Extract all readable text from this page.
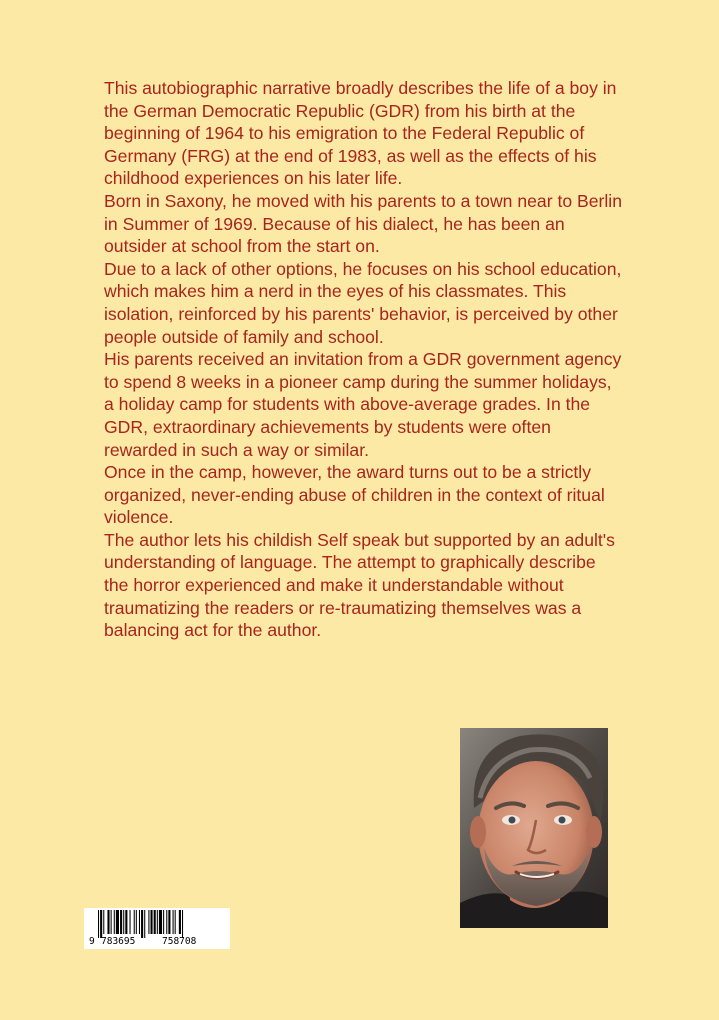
This autobiographic narrative broadly describes the life of a boy in the German Democratic Republic (GDR) from his birth at the beginning of 1964 to his emigration to the Federal Republic of Germany (FRG) at the end of 1983, as well as the effects of his childhood experiences on his later life.

Born in Saxony, he moved with his parents to a town near to Berlin in Summer of 1969. Because of his dialect, he has been an outsider at school from the start on.

Due to a lack of other options, he focuses on his school education, which makes him a nerd in the eyes of his classmates. This isolation, reinforced by his parents' behavior, is perceived by other people outside of family and school.

His parents received an invitation from a GDR government agency to spend 8 weeks in a pioneer camp during the summer holidays, a holiday camp for students with above-average grades. In the GDR, extraordinary achievements by students were often rewarded in such a way or similar.

Once in the camp, however, the award turns out to be a strictly organized, never-ending abuse of children in the context of ritual violence.

The author lets his childish Self speak but supported by an adult's understanding of language. The attempt to graphically describe the horror experienced and make it understandable without traumatizing the readers or re-traumatizing themselves was a balancing act for the author.

9 783695	758708
